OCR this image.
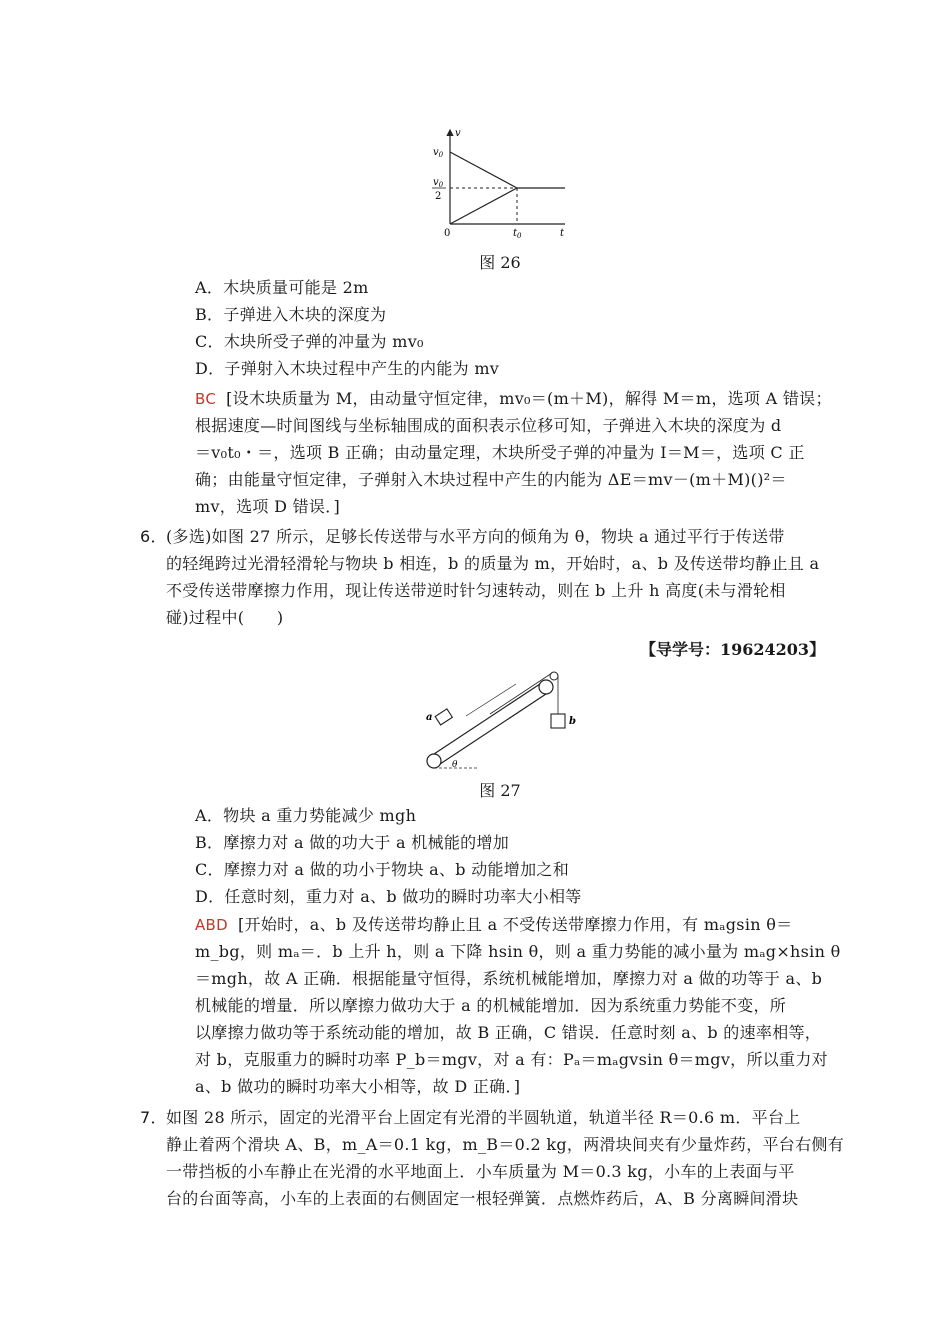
v
t
$v_0$
$v_0$
2
0	$t_0$
图 26
A．木块质量可能是 2m
B．子弹进入木块的深度为
C．木块所受子弹的冲量为 mv₀
D．子弹射入木块过程中产生的内能为 mv
BC [设木块质量为 M，由动量守恒定律，mv₀＝(m＋M)，解得 M＝m，选项 A 错误；
根据速度—时间图线与坐标轴围成的面积表示位移可知，子弹进入木块的深度为 d
＝v₀t₀・＝，选项 B 正确；由动量定理，木块所受子弹的冲量为 I＝M＝，选项 C 正
确；由能量守恒定律，子弹射入木块过程中产生的内能为 ΔE＝mv－(m＋M)()²＝
mv，选项 D 错误．]
6． (多选)如图 27 所示，足够长传送带与水平方向的倾角为 θ，物块 a 通过平行于传送带
的轻绳跨过光滑轻滑轮与物块 b 相连，b 的质量为 m，开始时，a、b 及传送带均静止且 a
不受传送带摩擦力作用，现让传送带逆时针匀速转动，则在 b 上升 h 高度(未与滑轮相
碰)过程中(　　)
【导学号：19624203】
a	b
θ
图 27
A．物块 a 重力势能减少 mgh
B．摩擦力对 a 做的功大于 a 机械能的增加
C．摩擦力对 a 做的功小于物块 a、b 动能增加之和
D．任意时刻，重力对 a、b 做功的瞬时功率大小相等
ABD [开始时，a、b 及传送带均静止且 a 不受传送带摩擦力作用，有 mₐgsin θ＝
m_bg，则 mₐ＝．b 上升 h，则 a 下降 hsin θ，则 a 重力势能的减小量为 mₐg×hsin θ
＝mgh，故 A 正确．根据能量守恒得，系统机械能增加，摩擦力对 a 做的功等于 a、b
机械能的增量．所以摩擦力做功大于 a 的机械能增加．因为系统重力势能不变，所
以摩擦力做功等于系统动能的增加，故 B 正确，C 错误．任意时刻 a、b 的速率相等，
对 b，克服重力的瞬时功率 P_b＝mgv，对 a 有：Pₐ＝mₐgvsin θ＝mgv，所以重力对
a、b 做功的瞬时功率大小相等，故 D 正确．]
7． 如图 28 所示，固定的光滑平台上固定有光滑的半圆轨道，轨道半径 R＝0.6 m．平台上
静止着两个滑块 A、B，m_A＝0.1 kg，m_B＝0.2 kg，两滑块间夹有少量炸药，平台右侧有
一带挡板的小车静止在光滑的水平地面上．小车质量为 M＝0.3 kg，小车的上表面与平
台的台面等高，小车的上表面的右侧固定一根轻弹簧．点燃炸药后，A、B 分离瞬间滑块
